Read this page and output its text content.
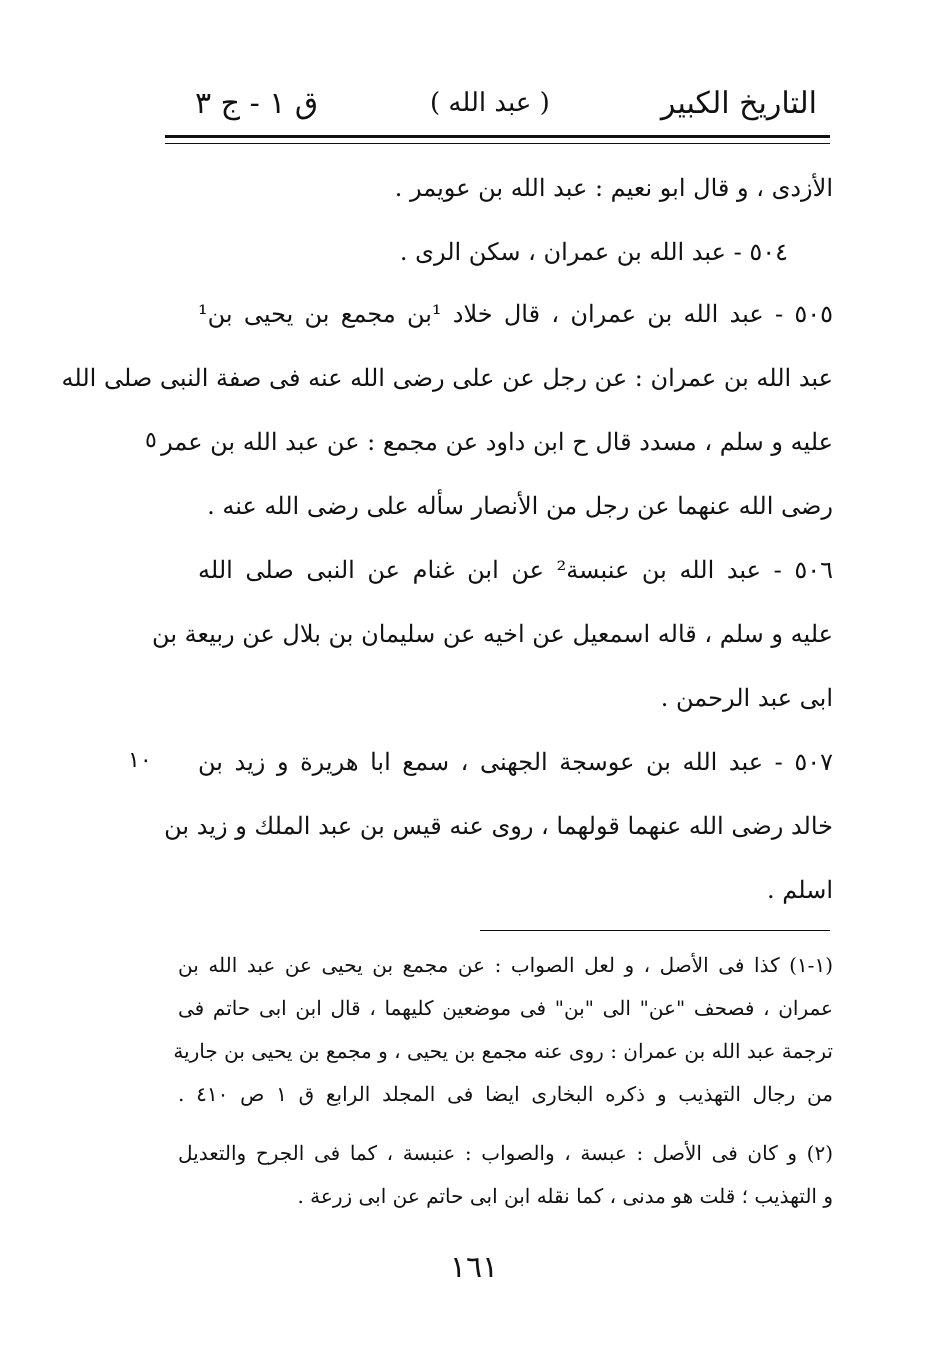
التاريخ الكبير
( عبد الله )
ق ١ - ج ٣
الأزدی ، و قال ابو نعیم : عبد الله بن عویمر .
٥٠٤ - عبد الله بن عمران ، سکن الری .
٥٠٥ - عبد الله بن عمران ، قال خلاد ¹بن مجمع بن یحیی بن¹
عبد الله بن عمران : عن رجل عن علی رضی الله عنه فی صفة النبی صلی الله
علیه و سلم ، مسدد قال ح ابن داود عن مجمع : عن عبد الله بن عمر
رضی الله عنهما عن رجل من الأنصار سأله علی رضی الله عنه .
٥٠٦ - عبد الله بن عنبسة² عن ابن غنام عن النبی صلی الله
علیه و سلم ، قاله اسمعیل عن اخیه عن سلیمان بن بلال عن ربیعة بن
ابی عبد الرحمن .
٥٠٧ - عبد الله بن عوسجة الجهنی ، سمع ابا هریرة و زید بن
خالد رضی الله عنهما قولهما ، روی عنه قیس بن عبد الملك و زید بن
اسلم .
٥
١٠
(١-١) کذا فی الأصل ، و لعل الصواب : عن مجمع بن یحیی عن عبد الله بن
عمران ، فصحف "عن" الی "بن" فی موضعین کلیهما ، قال ابن ابی حاتم فی
ترجمة عبد الله بن عمران : روی عنه مجمع بن یحیی ، و مجمع بن یحیی بن جاریة
من رجال التهذیب و ذکره البخاری ایضا فی المجلد الرابع ق ١ ص ٤١٠ .
(٢) و کان فی الأصل : عبسة ، والصواب : عنبسة ، کما فی الجرح والتعدیل
و التهذیب ؛ قلت هو مدنی ، کما نقله ابن ابی حاتم عن ابی زرعة .
١٦١
